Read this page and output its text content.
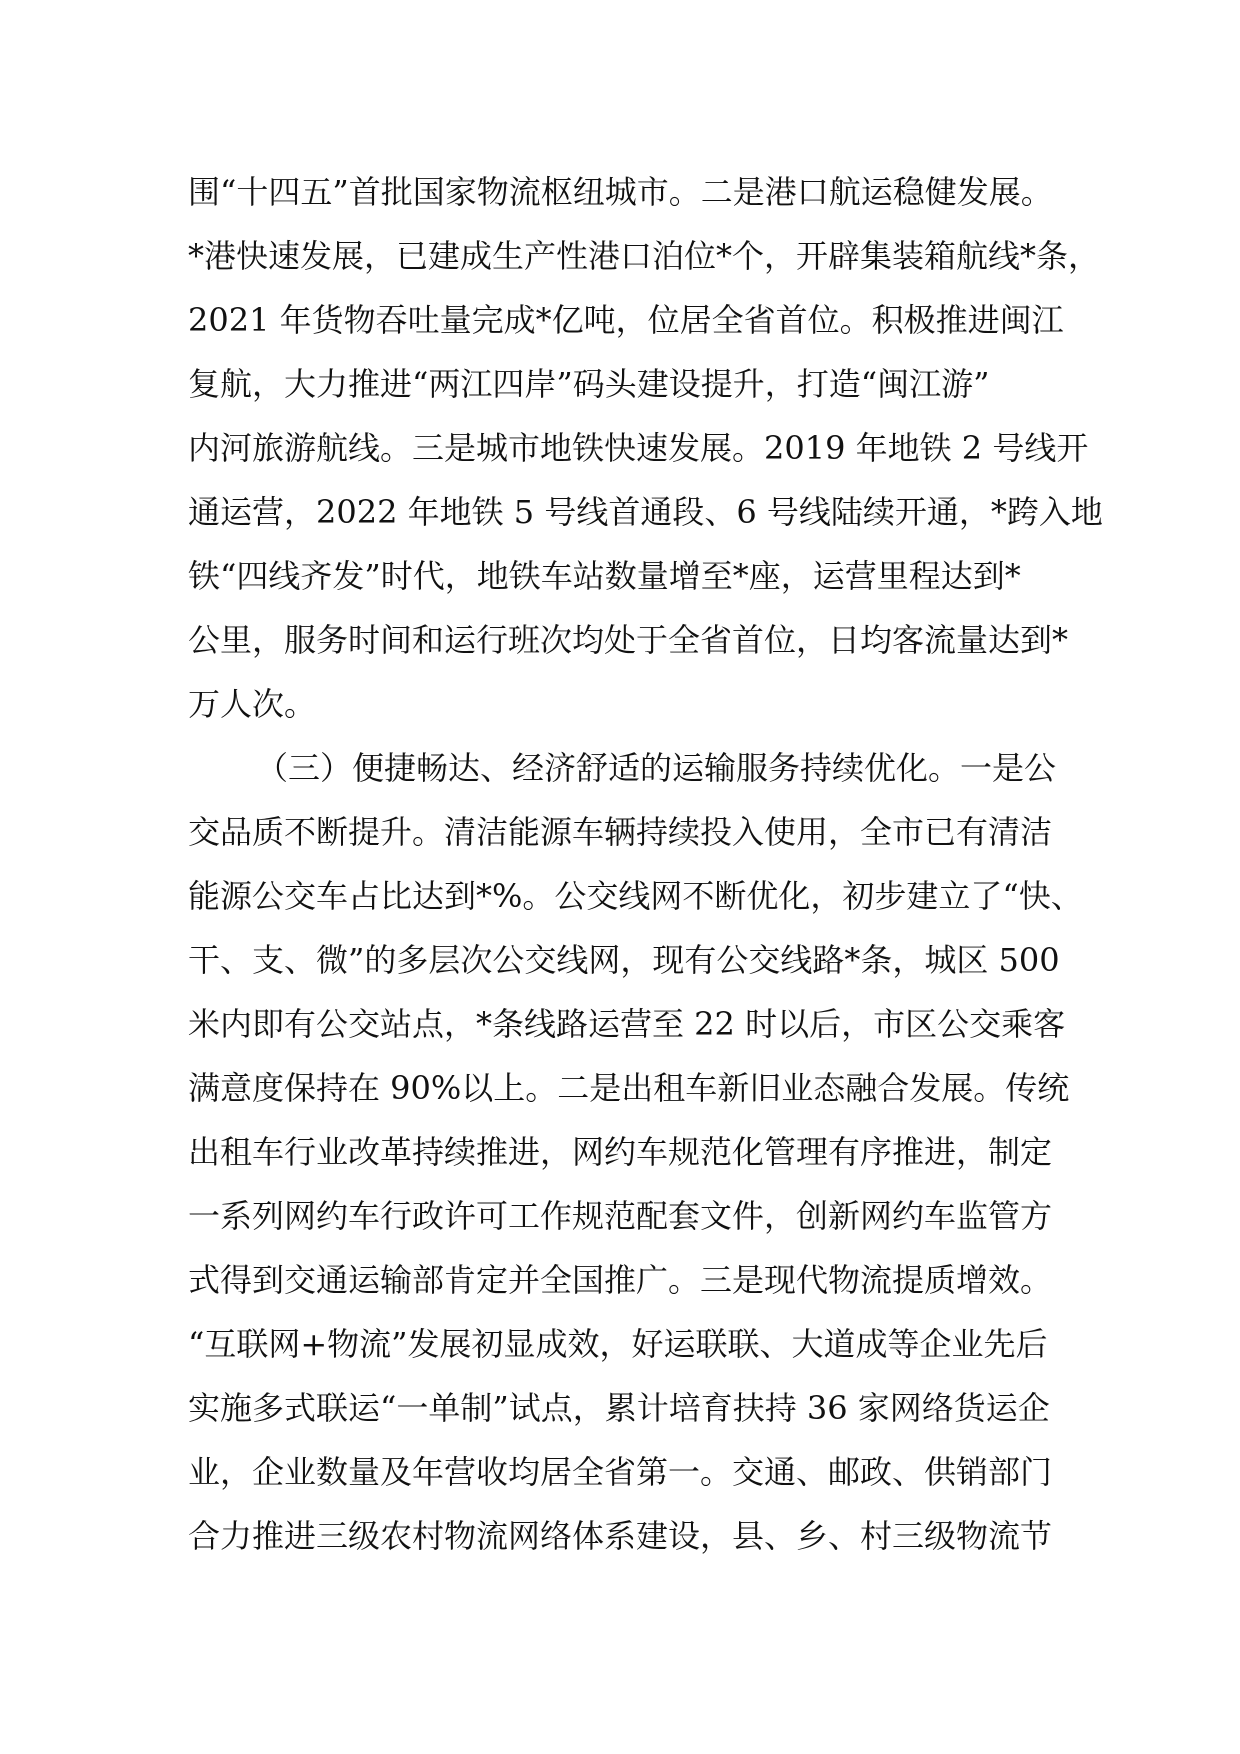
围“十四五”首批国家物流枢纽城市。二是港口航运稳健发展。
*港快速发展，已建成生产性港口泊位*个，开辟集装箱航线*条，
2021 年货物吞吐量完成*亿吨，位居全省首位。积极推进闽江
复航，大力推进“两江四岸”码头建设提升，打造“闽江游”
内河旅游航线。三是城市地铁快速发展。2019 年地铁 2 号线开
通运营，2022 年地铁 5 号线首通段、6 号线陆续开通，*跨入地
铁“四线齐发”时代，地铁车站数量增至*座，运营里程达到*
公里，服务时间和运行班次均处于全省首位，日均客流量达到*
万人次。
（三）便捷畅达、经济舒适的运输服务持续优化。一是公
交品质不断提升。清洁能源车辆持续投入使用，全市已有清洁
能源公交车占比达到*%。公交线网不断优化，初步建立了“快、
干、支、微”的多层次公交线网，现有公交线路*条，城区 500
米内即有公交站点，*条线路运营至 22 时以后，市区公交乘客
满意度保持在 90%以上。二是出租车新旧业态融合发展。传统
出租车行业改革持续推进，网约车规范化管理有序推进，制定
一系列网约车行政许可工作规范配套文件，创新网约车监管方
式得到交通运输部肯定并全国推广。三是现代物流提质增效。
“互联网+物流”发展初显成效，好运联联、大道成等企业先后
实施多式联运“一单制”试点，累计培育扶持 36 家网络货运企
业，企业数量及年营收均居全省第一。交通、邮政、供销部门
合力推进三级农村物流网络体系建设，县、乡、村三级物流节
